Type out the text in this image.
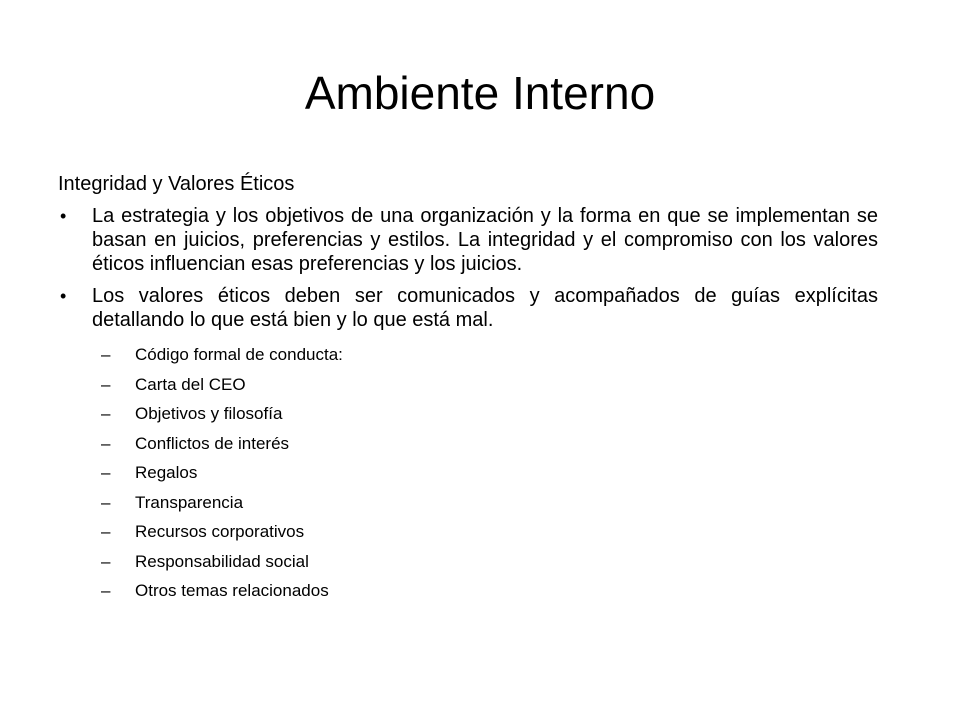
Ambiente Interno
Integridad y Valores Éticos
• La estrategia y los objetivos de una organización y la forma en que se implementan se basan en juicios, preferencias y estilos. La integridad y el compromiso con los valores éticos influencian esas preferencias y los juicios.
• Los valores éticos deben ser comunicados y acompañados de guías explícitas detallando lo que está bien y lo que está mal.
– Código formal de conducta:
– Carta del CEO
– Objetivos y filosofía
– Conflictos de interés
– Regalos
– Transparencia
– Recursos corporativos
– Responsabilidad social
– Otros temas relacionados
